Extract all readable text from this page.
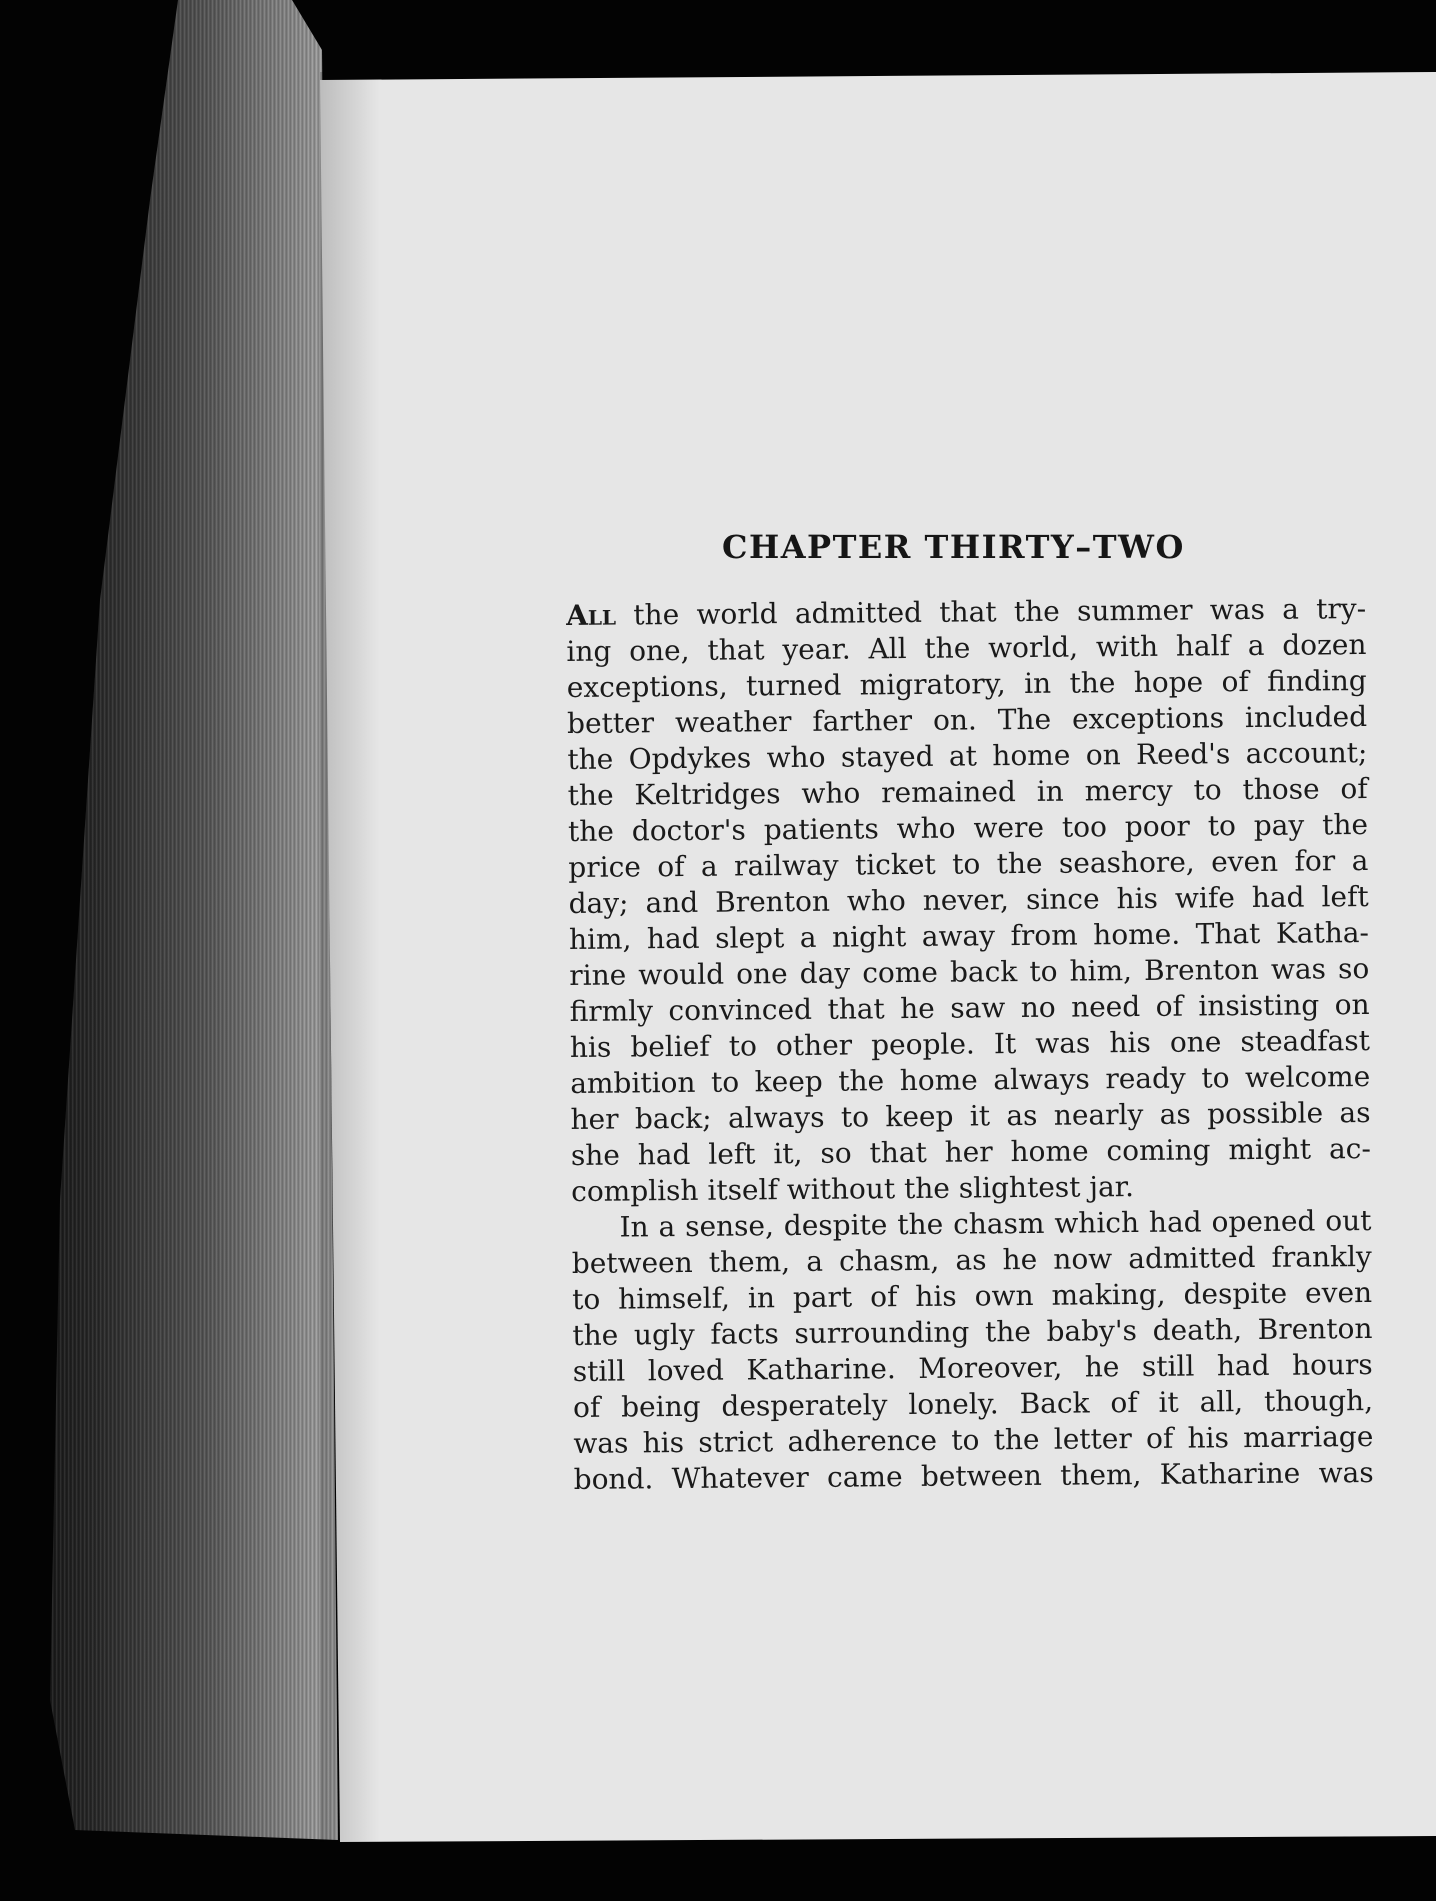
CHAPTER THIRTY–TWO
All the world admitted that the summer was a try-
ing one, that year. All the world, with half a dozen
exceptions, turned migratory, in the hope of finding
better weather farther on. The exceptions included
the Opdykes who stayed at home on Reed's account;
the Keltridges who remained in mercy to those of
the doctor's patients who were too poor to pay the
price of a railway ticket to the seashore, even for a
day; and Brenton who never, since his wife had left
him, had slept a night away from home. That Katha-
rine would one day come back to him, Brenton was so
firmly convinced that he saw no need of insisting on
his belief to other people. It was his one steadfast
ambition to keep the home always ready to welcome
her back; always to keep it as nearly as possible as
she had left it, so that her home coming might ac-
complish itself without the slightest jar.
In a sense, despite the chasm which had opened out
between them, a chasm, as he now admitted frankly
to himself, in part of his own making, despite even
the ugly facts surrounding the baby's death, Brenton
still loved Katharine. Moreover, he still had hours
of being desperately lonely. Back of it all, though,
was his strict adherence to the letter of his marriage
bond. Whatever came between them, Katharine was
